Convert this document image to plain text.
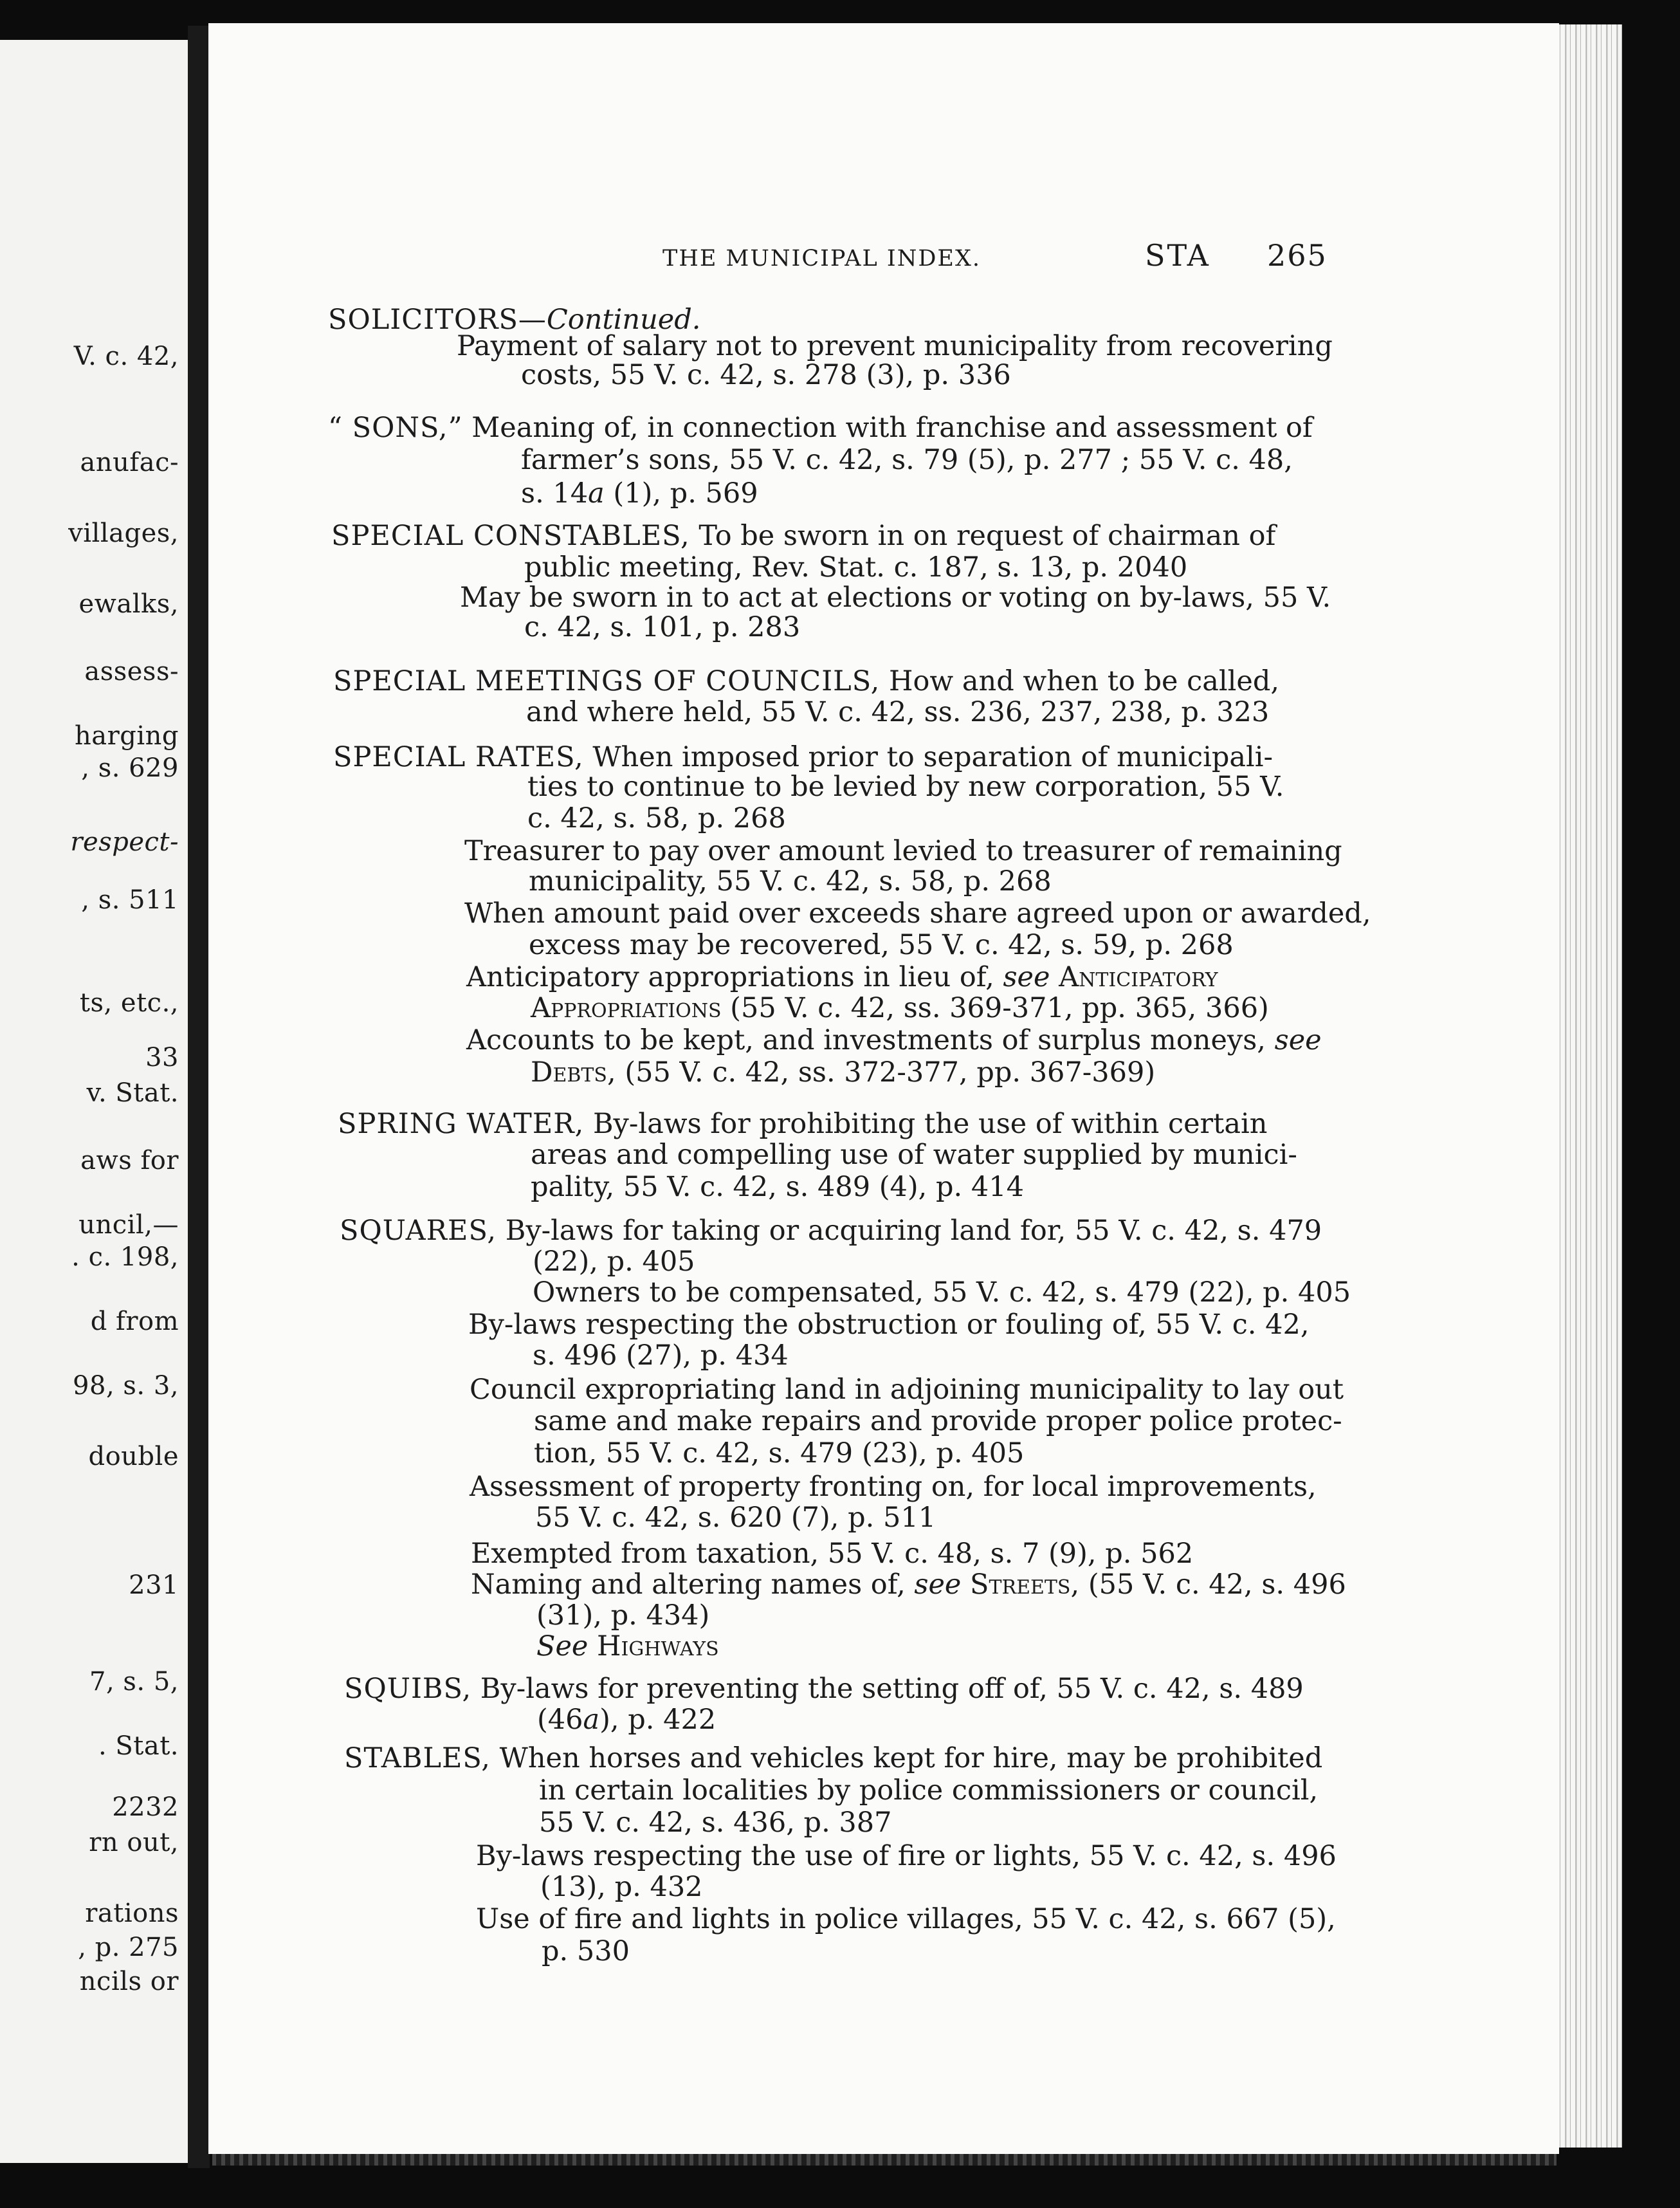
V. c. 42,
anufac-
villages,
ewalks,
assess-
harging
, s. 629
respect-
, s. 511
ts, etc.,
33
v. Stat.
aws for
uncil,—
. c. 198,
d from
98, s. 3,
double
231
7, s. 5,
. Stat.
2232
rn out,
rations
, p. 275
ncils or
THE MUNICIPAL INDEX.	STA 265
SOLICITORS—Continued.
Payment of salary not to prevent municipality from recovering
costs, 55 V. c. 42, s. 278 (3), p. 336
“ SONS,” Meaning of, in connection with franchise and assessment of
farmer’s sons, 55 V. c. 42, s. 79 (5), p. 277 ; 55 V. c. 48,
s. 14a (1), p. 569
SPECIAL CONSTABLES, To be sworn in on request of chairman of
public meeting, Rev. Stat. c. 187, s. 13, p. 2040
May be sworn in to act at elections or voting on by-laws, 55 V.
c. 42, s. 101, p. 283
SPECIAL MEETINGS OF COUNCILS, How and when to be called,
and where held, 55 V. c. 42, ss. 236, 237, 238, p. 323
SPECIAL RATES, When imposed prior to separation of municipali-
ties to continue to be levied by new corporation, 55 V.
c. 42, s. 58, p. 268
Treasurer to pay over amount levied to treasurer of remaining
municipality, 55 V. c. 42, s. 58, p. 268
When amount paid over exceeds share agreed upon or awarded,
excess may be recovered, 55 V. c. 42, s. 59, p. 268
Anticipatory appropriations in lieu of, see Anticipatory
Appropriations (55 V. c. 42, ss. 369-371, pp. 365, 366)
Accounts to be kept, and investments of surplus moneys, see
Debts, (55 V. c. 42, ss. 372-377, pp. 367-369)
SPRING WATER, By-laws for prohibiting the use of within certain
areas and compelling use of water supplied by munici-
pality, 55 V. c. 42, s. 489 (4), p. 414
SQUARES, By-laws for taking or acquiring land for, 55 V. c. 42, s. 479
(22), p. 405
Owners to be compensated, 55 V. c. 42, s. 479 (22), p. 405
By-laws respecting the obstruction or fouling of, 55 V. c. 42,
s. 496 (27), p. 434
Council expropriating land in adjoining municipality to lay out
same and make repairs and provide proper police protec-
tion, 55 V. c. 42, s. 479 (23), p. 405
Assessment of property fronting on, for local improvements,
55 V. c. 42, s. 620 (7), p. 511
Exempted from taxation, 55 V. c. 48, s. 7 (9), p. 562
Naming and altering names of, see Streets, (55 V. c. 42, s. 496
(31), p. 434)
See Highways
SQUIBS, By-laws for preventing the setting off of, 55 V. c. 42, s. 489
(46a), p. 422
STABLES, When horses and vehicles kept for hire, may be prohibited
in certain localities by police commissioners or council,
55 V. c. 42, s. 436, p. 387
By-laws respecting the use of fire or lights, 55 V. c. 42, s. 496
(13), p. 432
Use of fire and lights in police villages, 55 V. c. 42, s. 667 (5),
p. 530
